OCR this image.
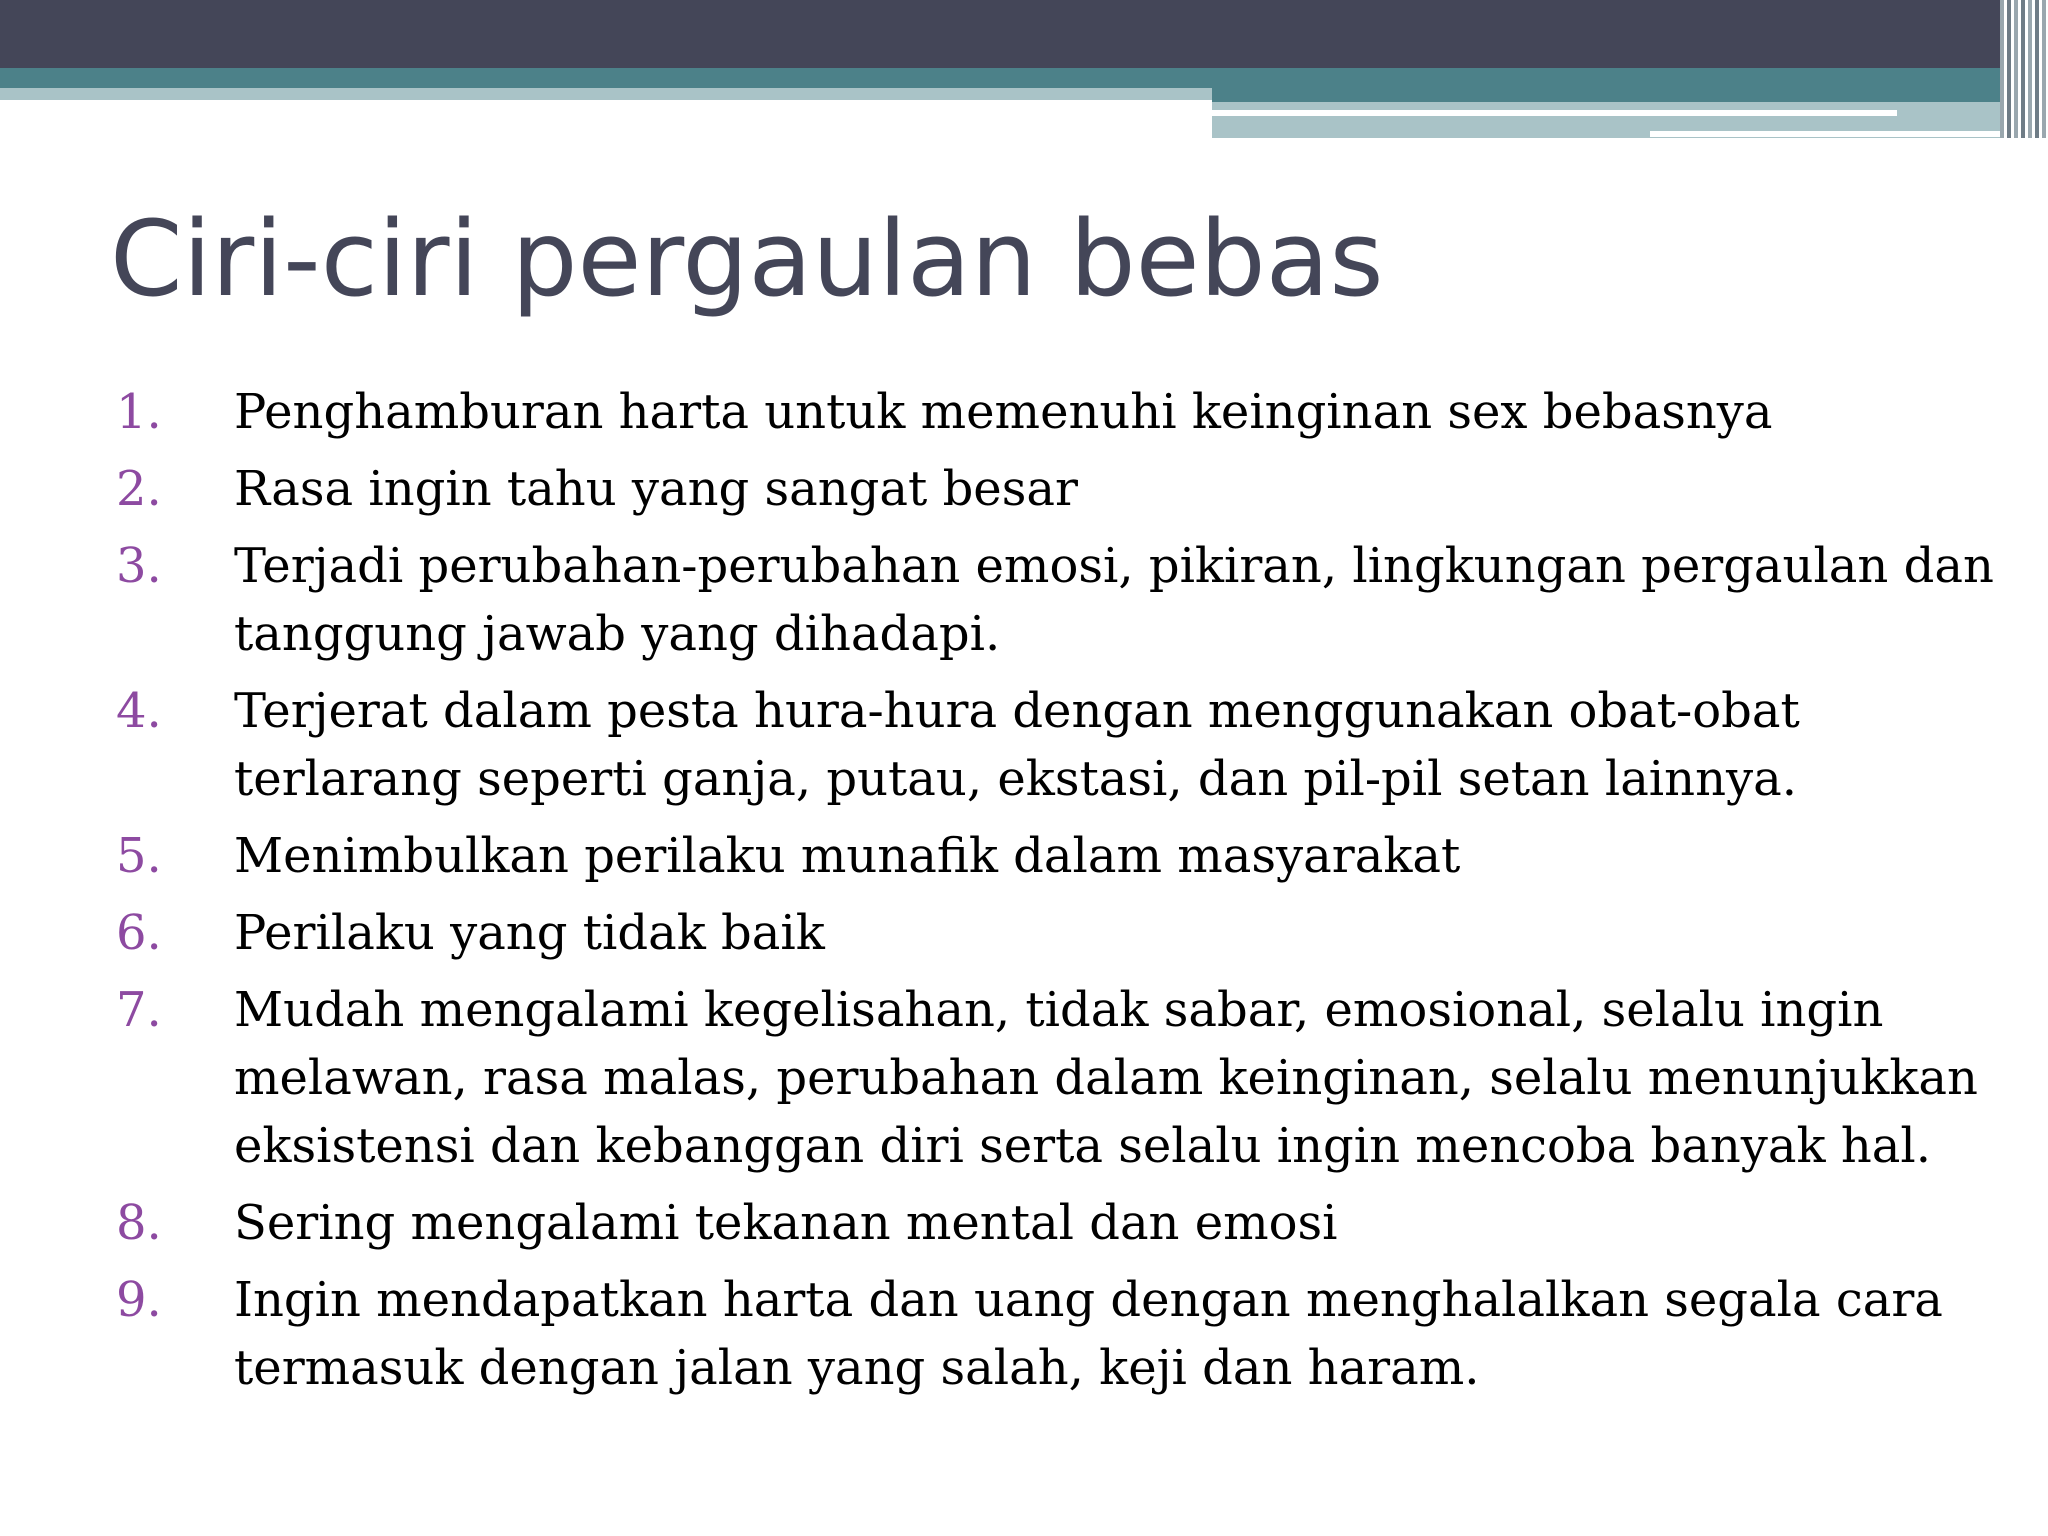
Ciri-ciri pergaulan bebas
1.	Penghamburan harta untuk memenuhi keinginan sex bebasnya
2.	Rasa ingin tahu yang sangat besar
3.	Terjadi perubahan-perubahan emosi, pikiran, lingkungan pergaulan dan tanggung jawab yang dihadapi.
4.	Terjerat dalam pesta hura-hura dengan menggunakan obat-obat terlarang seperti ganja, putau, ekstasi, dan pil-pil setan lainnya.
5.	Menimbulkan perilaku munafik dalam masyarakat
6.	Perilaku yang tidak baik
7.	Mudah mengalami kegelisahan, tidak sabar, emosional, selalu ingin melawan, rasa malas, perubahan dalam keinginan, selalu menunjukkan eksistensi dan kebanggan diri serta selalu ingin mencoba banyak hal.
8.	Sering mengalami tekanan mental dan emosi
9.	Ingin mendapatkan harta dan uang dengan menghalalkan segala cara termasuk dengan jalan yang salah, keji dan haram.
